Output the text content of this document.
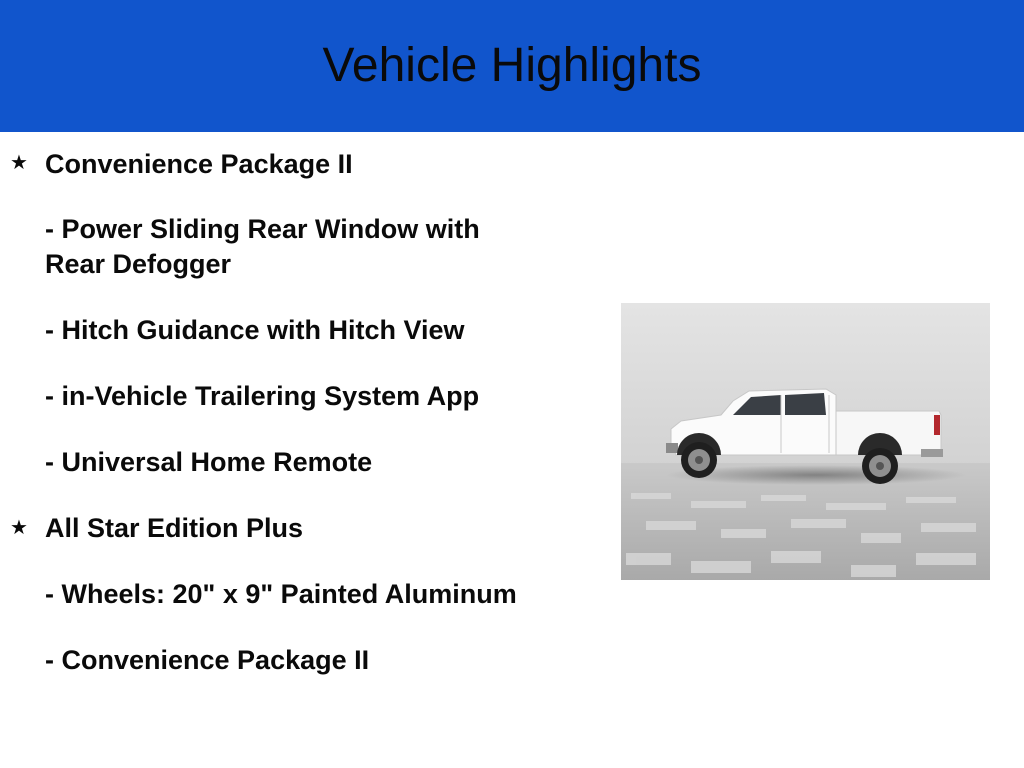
Vehicle Highlights
★ Convenience Package II
- Power Sliding Rear Window with
Rear Defogger
- Hitch Guidance with Hitch View
- in-Vehicle Trailering System App
- Universal Home Remote
★ All Star Edition Plus
- Wheels: 20" x 9" Painted Aluminum
- Convenience Package II
